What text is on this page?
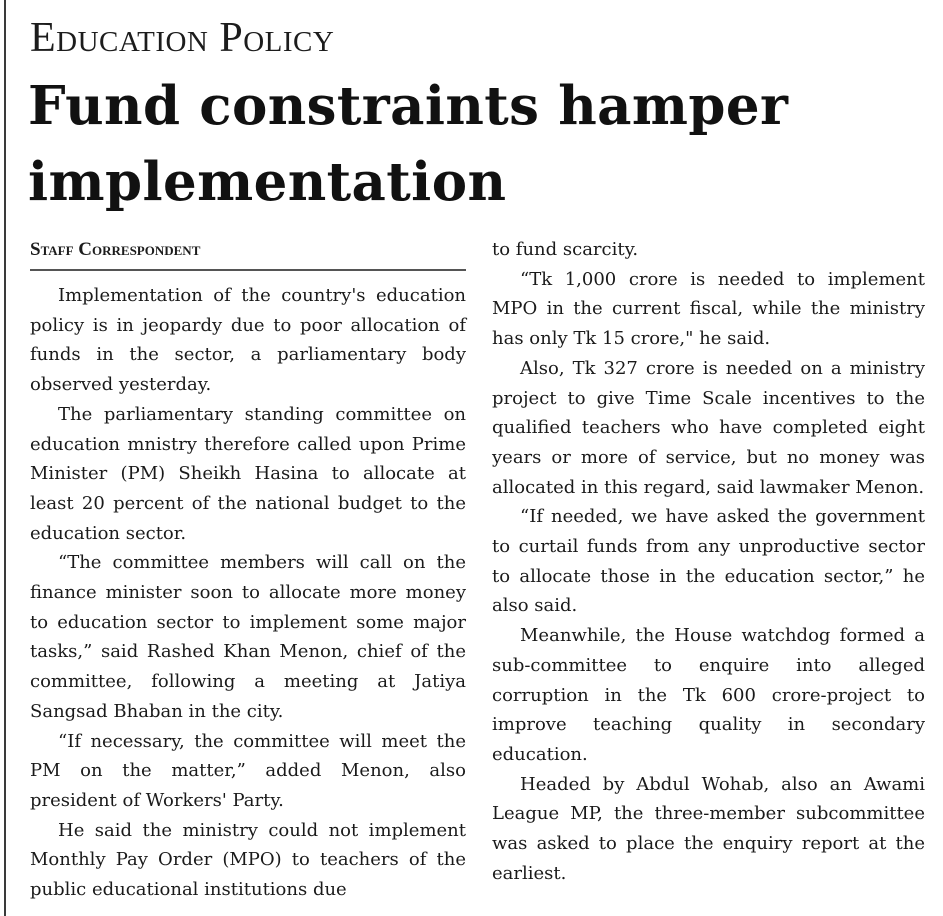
Education Policy
Fund constraints hamper implementation
Staff Correspondent

Implementation of the country's education policy is in jeopardy due to poor allocation of funds in the sector, a parliamentary body observed yesterday.

The parliamentary standing committee on education mnistry therefore called upon Prime Minister (PM) Sheikh Hasina to allocate at least 20 percent of the national budget to the education sector.

“The committee members will call on the finance minister soon to allocate more money to education sector to implement some major tasks,” said Rashed Khan Menon, chief of the committee, following a meeting at Jatiya Sangsad Bhaban in the city.

“If necessary, the committee will meet the PM on the matter,” added Menon, also president of Workers' Party.

He said the ministry could not implement Monthly Pay Order (MPO) to teachers of the public educational institutions due

to fund scarcity.

“Tk 1,000 crore is needed to implement MPO in the current fiscal, while the ministry has only Tk 15 crore," he said.

Also, Tk 327 crore is needed on a ministry project to give Time Scale incentives to the qualified teachers who have completed eight years or more of service, but no money was allocated in this regard, said lawmaker Menon.

“If needed, we have asked the government to curtail funds from any unproductive sector to allocate those in the education sector,” he also said.

Meanwhile, the House watchdog formed a sub-committee to enquire into alleged corruption in the Tk 600 crore-project to improve teaching quality in secondary education.

Headed by Abdul Wohab, also an Awami League MP, the three-member subcommittee was asked to place the enquiry report at the earliest.
